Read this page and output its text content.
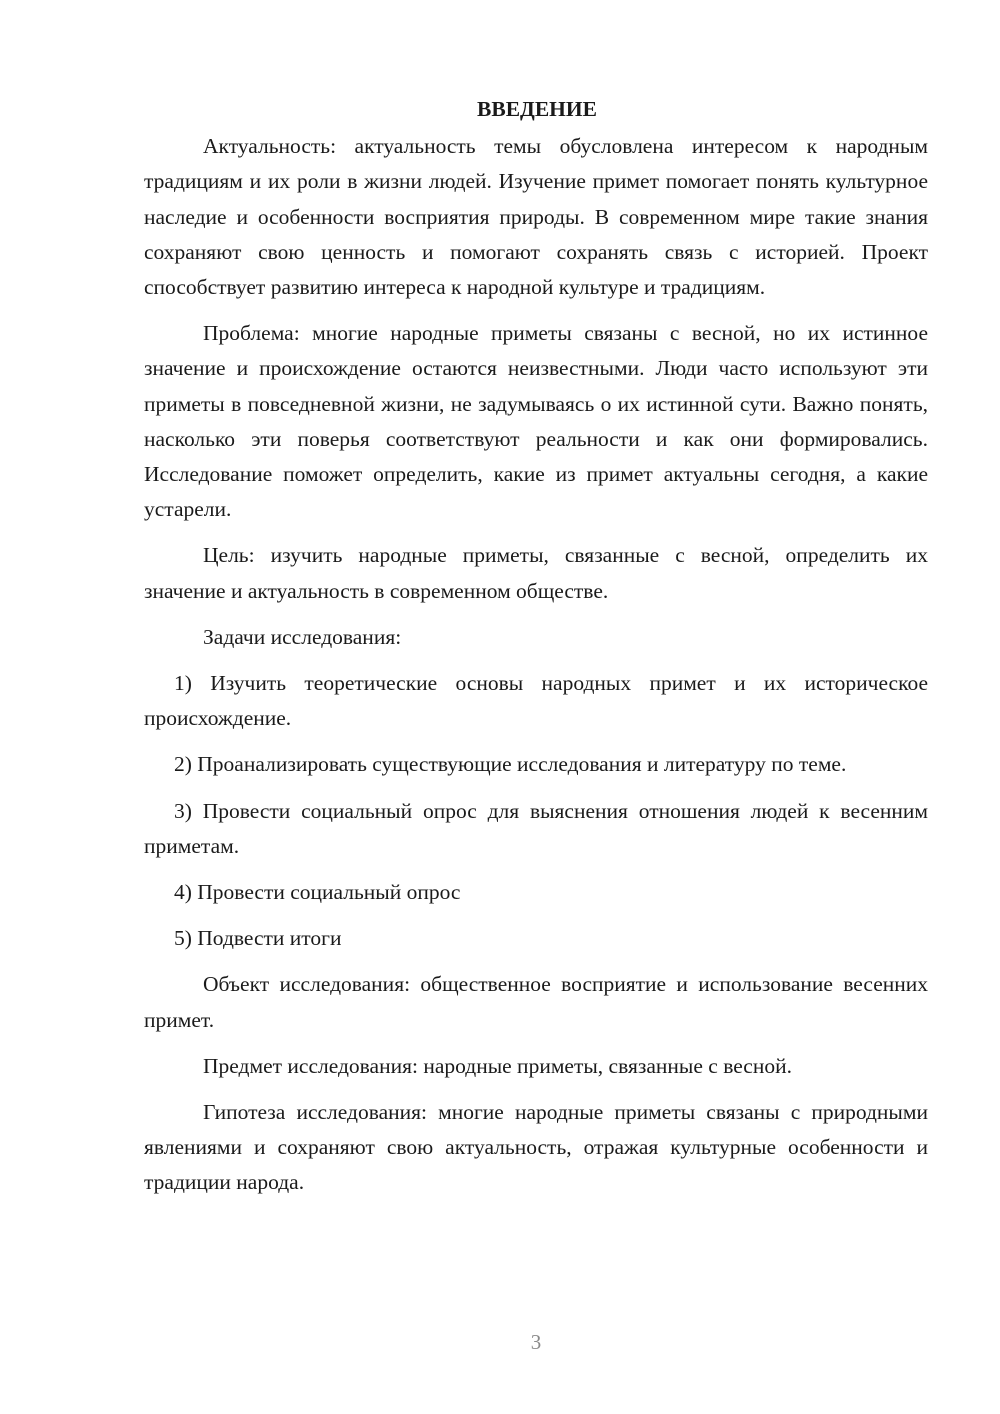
ВВЕДЕНИЕ

Актуальность: актуальность темы обусловлена интересом к народным традициям и их роли в жизни людей. Изучение примет помогает понять культурное наследие и особенности восприятия природы. В современном мире такие знания сохраняют свою ценность и помогают сохранять связь с историей. Проект способствует развитию интереса к народной культуре и традициям.

Проблема: многие народные приметы связаны с весной, но их истинное значение и происхождение остаются неизвестными. Люди часто используют эти приметы в повседневной жизни, не задумываясь о их истинной сути. Важно понять, насколько эти поверья соответствуют реальности и как они формировались. Исследование поможет определить, какие из примет актуальны сегодня, а какие устарели.

Цель: изучить народные приметы, связанные с весной, определить их значение и актуальность в современном обществе.

Задачи исследования:

1) Изучить теоретические основы народных примет и их историческое происхождение.

2) Проанализировать существующие исследования и литературу по теме.

3) Провести социальный опрос для выяснения отношения людей к весенним приметам.

4) Провести социальный опрос

5) Подвести итоги

Объект исследования: общественное восприятие и использование весенних примет.

Предмет исследования: народные приметы, связанные с весной.

Гипотеза исследования: многие народные приметы связаны с природными явлениями и сохраняют свою актуальность, отражая культурные особенности и традиции народа.

3
